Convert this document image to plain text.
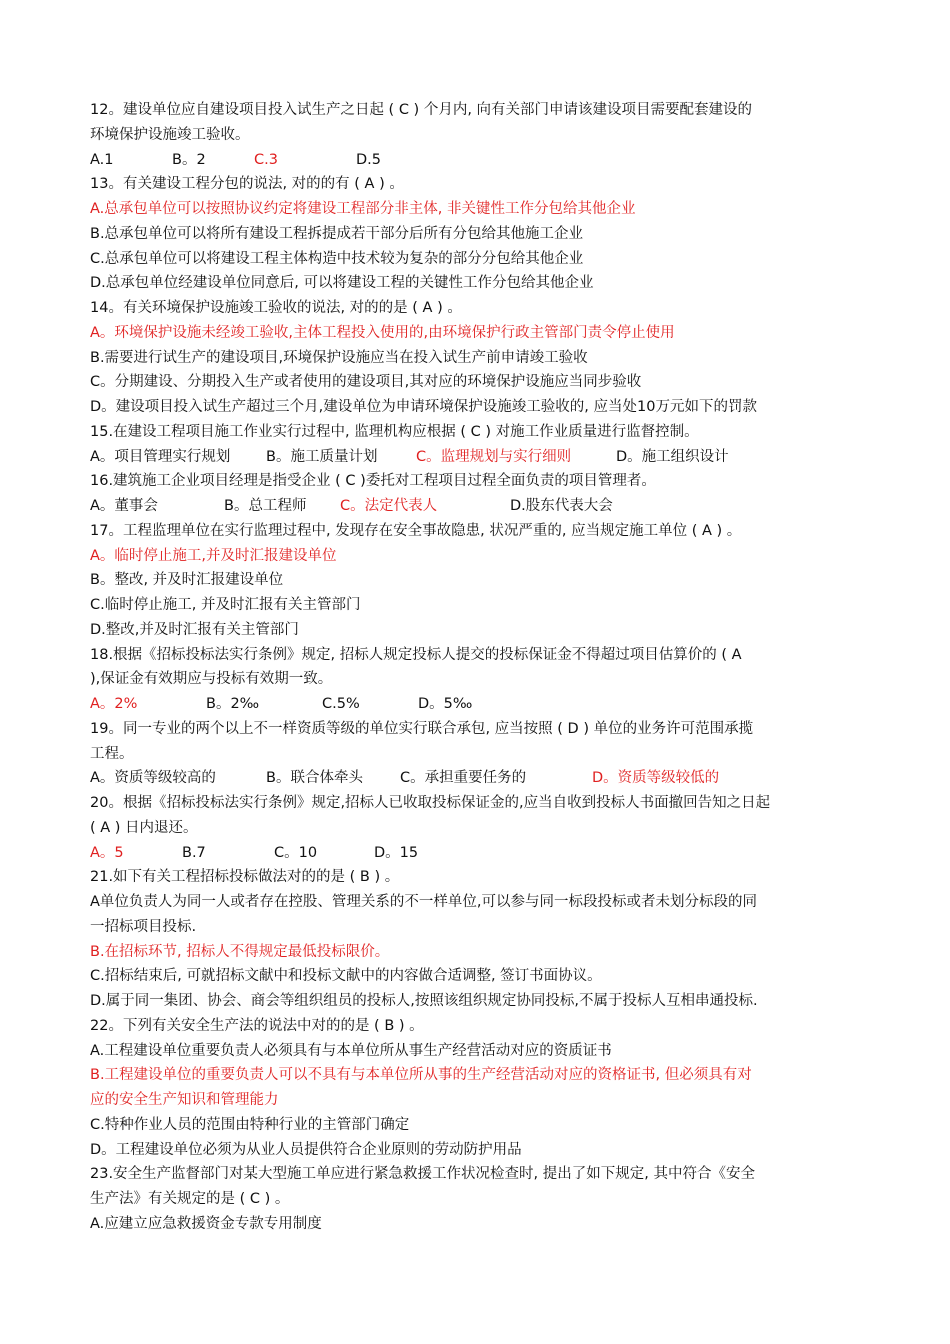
12。建设单位应自建设项目投入试生产之日起 ( C ) 个月内, 向有关部门申请该建设项目需要配套建设的
环境保护设施竣工验收。
A.1	B。2	C.3	D.5
13。有关建设工程分包的说法, 对的的有 ( A ) 。
A.总承包单位可以按照协议约定将建设工程部分非主体, 非关键性工作分包给其他企业
B.总承包单位可以将所有建设工程拆提成若干部分后所有分包给其他施工企业
C.总承包单位可以将建设工程主体构造中技术较为复杂的部分分包给其他企业
D.总承包单位经建设单位同意后, 可以将建设工程的关键性工作分包给其他企业
14。有关环境保护设施竣工验收的说法, 对的的是 ( A ) 。
A。环境保护设施未经竣工验收,主体工程投入使用的,由环境保护行政主管部门责令停止使用
B.需要进行试生产的建设项目,环境保护设施应当在投入试生产前申请竣工验收
C。分期建设、分期投入生产或者使用的建设项目,其对应的环境保护设施应当同步验收
D。建设项目投入试生产超过三个月,建设单位为申请环境保护设施竣工验收的, 应当处10万元如下的罚款
15.在建设工程项目施工作业实行过程中, 监理机构应根据 ( C ) 对施工作业质量进行监督控制。
A。项目管理实行规划 B。施工质量计划	C。监理规划与实行细则	D。施工组织设计
16.建筑施工企业项目经理是指受企业 ( C )委托对工程项目过程全面负责的项目管理者。
A。董事会	B。总工程师 C。法定代表人	D.股东代表大会
17。工程监理单位在实行监理过程中, 发现存在安全事故隐患, 状况严重的, 应当规定施工单位 ( A ) 。
A。临时停止施工,并及时汇报建设单位
B。整改, 并及时汇报建设单位
C.临时停止施工, 并及时汇报有关主管部门
D.整改,并及时汇报有关主管部门
18.根据《招标投标法实行条例》规定, 招标人规定投标人提交的投标保证金不得超过项目估算价的 ( A
),保证金有效期应与投标有效期一致。
A。2%	B。2‰	C.5%	D。5‰
19。同一专业的两个以上不一样资质等级的单位实行联合承包, 应当按照 ( D ) 单位的业务许可范围承揽
工程。
A。资质等级较高的	B。联合体牵头	C。承担重要任务的	D。资质等级较低的
20。根据《招标投标法实行条例》规定,招标人已收取投标保证金的,应当自收到投标人书面撤回告知之日起
( A ) 日内退还。
A。5	B.7	C。10	D。15
21.如下有关工程招标投标做法对的的是 ( B ) 。
A单位负责人为同一人或者存在控股、管理关系的不一样单位,可以参与同一标段投标或者未划分标段的同
一招标项目投标.
B.在招标环节, 招标人不得规定最低投标限价。
C.招标结束后, 可就招标文献中和投标文献中的内容做合适调整, 签订书面协议。
D.属于同一集团、协会、商会等组织组员的投标人,按照该组织规定协同投标,不属于投标人互相串通投标.
22。下列有关安全生产法的说法中对的的是 ( B ) 。
A.工程建设单位重要负责人必须具有与本单位所从事生产经营活动对应的资质证书
B.工程建设单位的重要负责人可以不具有与本单位所从事的生产经营活动对应的资格证书, 但必须具有对
应的安全生产知识和管理能力
C.特种作业人员的范围由特种行业的主管部门确定
D。工程建设单位必须为从业人员提供符合企业原则的劳动防护用品
23.安全生产监督部门对某大型施工单应进行紧急救援工作状况检查时, 提出了如下规定, 其中符合《安全
生产法》有关规定的是 ( C ) 。
A.应建立应急救援资金专款专用制度
